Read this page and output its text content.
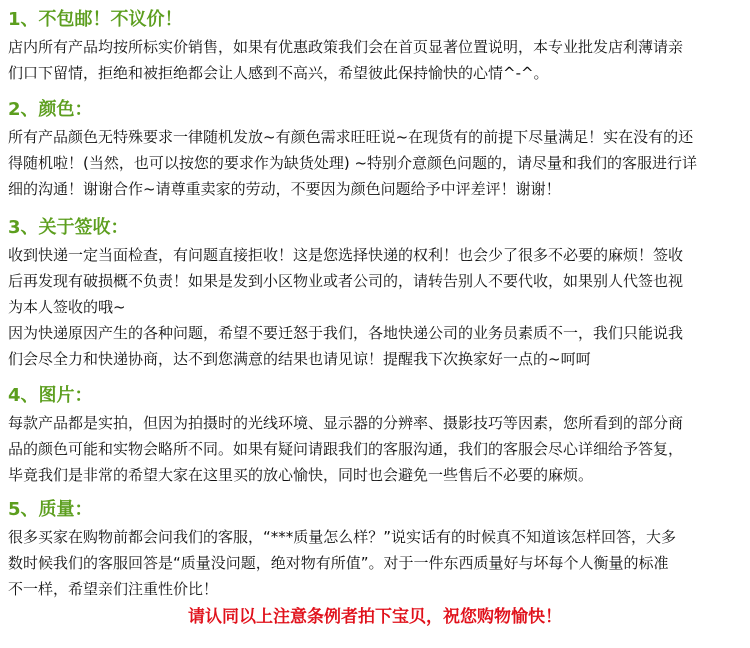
1、不包邮！不议价！
店内所有产品均按所标实价销售，如果有优惠政策我们会在首页显著位置说明，本专业批发店利薄请亲
们口下留情，拒绝和被拒绝都会让人感到不高兴，希望彼此保持愉快的心情^-^。
2、颜色：
所有产品颜色无特殊要求一律随机发放~有颜色需求旺旺说~在现货有的前提下尽量满足！实在没有的还
得随机啦！(当然，也可以按您的要求作为缺货处理) ~特别介意颜色问题的，请尽量和我们的客服进行详
细的沟通！谢谢合作~请尊重卖家的劳动，不要因为颜色问题给予中评差评！谢谢！
3、关于签收：
收到快递一定当面检查，有问题直接拒收！这是您选择快递的权利！也会少了很多不必要的麻烦！签收
后再发现有破损概不负责！如果是发到小区物业或者公司的，请转告别人不要代收，如果别人代签也视
为本人签收的哦~
因为快递原因产生的各种问题，希望不要迁怒于我们，各地快递公司的业务员素质不一，我们只能说我
们会尽全力和快递协商，达不到您满意的结果也请见谅！提醒我下次换家好一点的~呵呵
4、图片：
每款产品都是实拍，但因为拍摄时的光线环境、显示器的分辨率、摄影技巧等因素，您所看到的部分商
品的颜色可能和实物会略所不同。如果有疑问请跟我们的客服沟通，我们的客服会尽心详细给予答复，
毕竟我们是非常的希望大家在这里买的放心愉快，同时也会避免一些售后不必要的麻烦。
5、质量：
很多买家在购物前都会问我们的客服，“***质量怎么样？”说实话有的时候真不知道该怎样回答，大多
数时候我们的客服回答是“质量没问题，绝对物有所值”。对于一件东西质量好与坏每个人衡量的标准
不一样，希望亲们注重性价比！
请认同以上注意条例者拍下宝贝，祝您购物愉快！
